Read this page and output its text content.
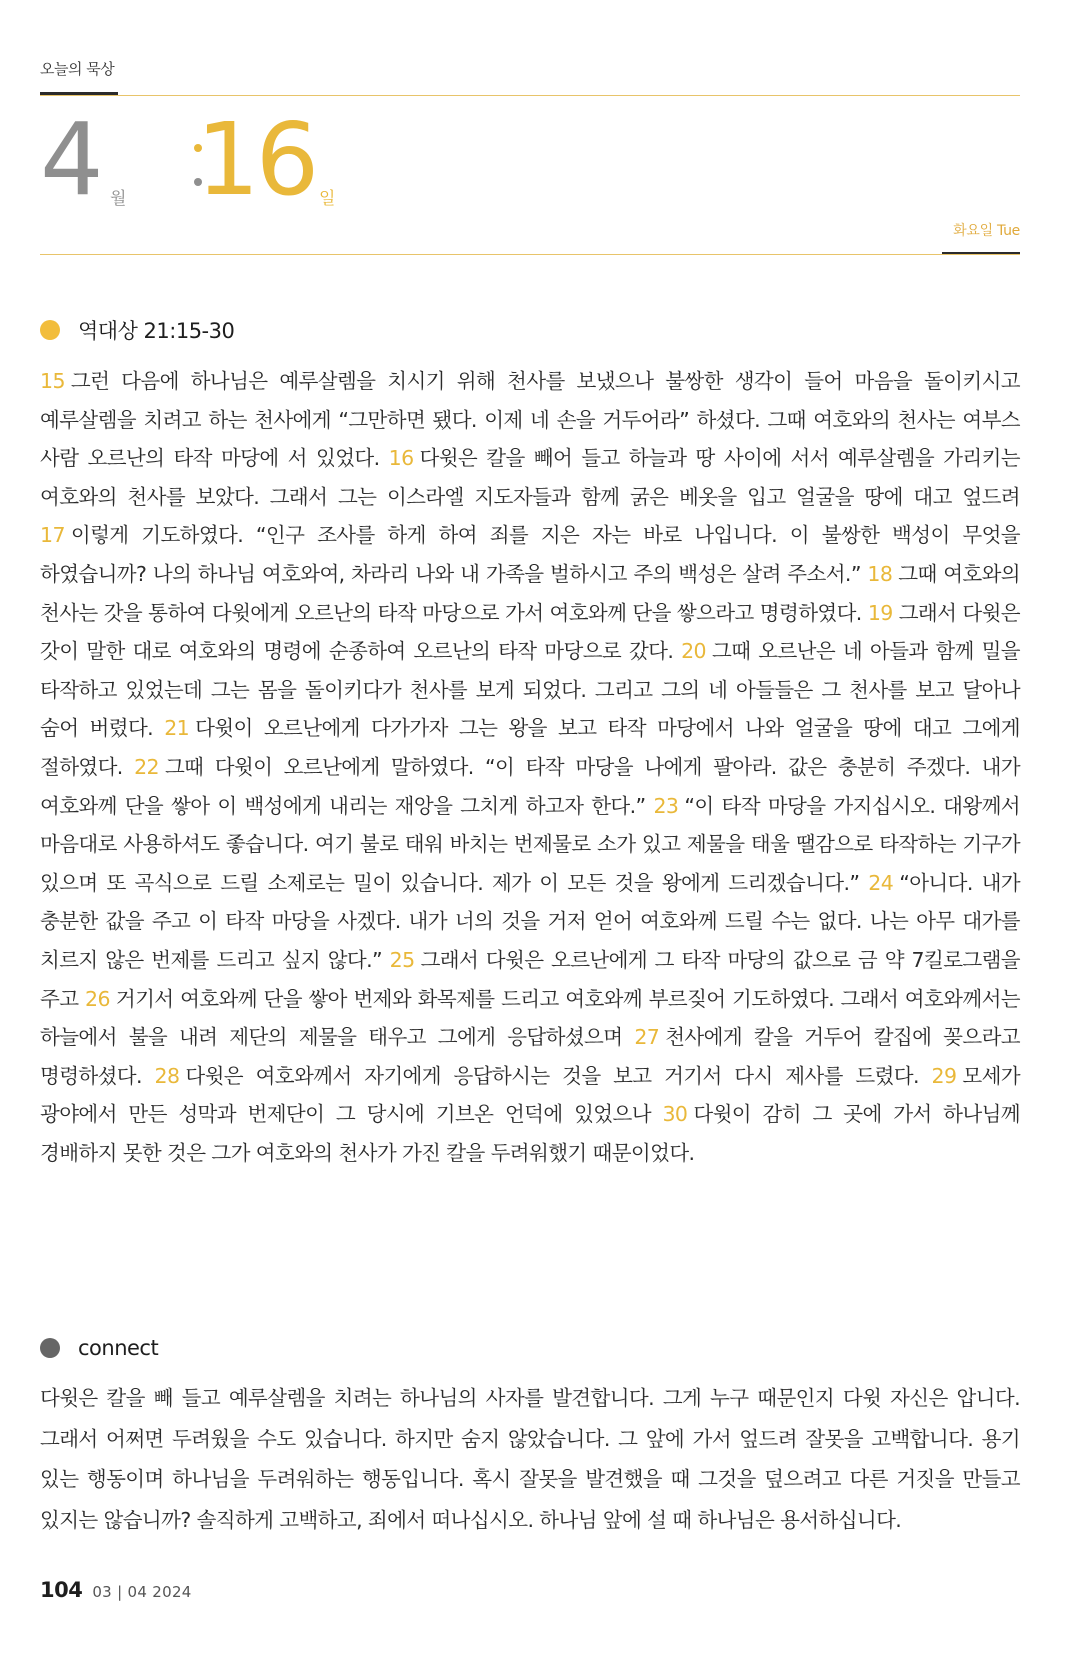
오늘의 묵상
4 월 16 일
화요일 Tue
역대상 21:15-30
15 그런 다음에 하나님은 예루살렘을 치시기 위해 천사를 보냈으나 불쌍한 생각이 들어 마음을 돌이키시고 예루살렘을 치려고 하는 천사에게 “그만하면 됐다. 이제 네 손을 거두어라” 하셨다. 그때 여호와의 천사는 여부스 사람 오르난의 타작 마당에 서 있었다. 16 다윗은 칼을 빼어 들고 하늘과 땅 사이에 서서 예루살렘을 가리키는 여호와의 천사를 보았다. 그래서 그는 이스라엘 지도자들과 함께 굵은 베옷을 입고 얼굴을 땅에 대고 엎드려 17 이렇게 기도하였다. “인구 조사를 하게 하여 죄를 지은 자는 바로 나입니다. 이 불쌍한 백성이 무엇을 하였습니까? 나의 하나님 여호와여, 차라리 나와 내 가족을 벌하시고 주의 백성은 살려 주소서.” 18 그때 여호와의 천사는 갓을 통하여 다윗에게 오르난의 타작 마당으로 가서 여호와께 단을 쌓으라고 명령하였다. 19 그래서 다윗은 갓이 말한 대로 여호와의 명령에 순종하여 오르난의 타작 마당으로 갔다. 20 그때 오르난은 네 아들과 함께 밀을 타작하고 있었는데 그는 몸을 돌이키다가 천사를 보게 되었다. 그리고 그의 네 아들들은 그 천사를 보고 달아나 숨어 버렸다. 21 다윗이 오르난에게 다가가자 그는 왕을 보고 타작 마당에서 나와 얼굴을 땅에 대고 그에게 절하였다. 22 그때 다윗이 오르난에게 말하였다. “이 타작 마당을 나에게 팔아라. 값은 충분히 주겠다. 내가 여호와께 단을 쌓아 이 백성에게 내리는 재앙을 그치게 하고자 한다.” 23 “이 타작 마당을 가지십시오. 대왕께서 마음대로 사용하셔도 좋습니다. 여기 불로 태워 바치는 번제물로 소가 있고 제물을 태울 땔감으로 타작하는 기구가 있으며 또 곡식으로 드릴 소제로는 밀이 있습니다. 제가 이 모든 것을 왕에게 드리겠습니다.” 24 “아니다. 내가 충분한 값을 주고 이 타작 마당을 사겠다. 내가 너의 것을 거저 얻어 여호와께 드릴 수는 없다. 나는 아무 대가를 치르지 않은 번제를 드리고 싶지 않다.” 25 그래서 다윗은 오르난에게 그 타작 마당의 값으로 금 약 7킬로그램을 주고 26 거기서 여호와께 단을 쌓아 번제와 화목제를 드리고 여호와께 부르짖어 기도하였다. 그래서 여호와께서는 하늘에서 불을 내려 제단의 제물을 태우고 그에게 응답하셨으며 27 천사에게 칼을 거두어 칼집에 꽂으라고 명령하셨다. 28 다윗은 여호와께서 자기에게 응답하시는 것을 보고 거기서 다시 제사를 드렸다. 29 모세가 광야에서 만든 성막과 번제단이 그 당시에 기브온 언덕에 있었으나 30 다윗이 감히 그 곳에 가서 하나님께 경배하지 못한 것은 그가 여호와의 천사가 가진 칼을 두려워했기 때문이었다.
connect
다윗은 칼을 빼 들고 예루살렘을 치려는 하나님의 사자를 발견합니다. 그게 누구 때문인지 다윗 자신은 압니다. 그래서 어쩌면 두려웠을 수도 있습니다. 하지만 숨지 않았습니다. 그 앞에 가서 엎드려 잘못을 고백합니다. 용기 있는 행동이며 하나님을 두려워하는 행동입니다. 혹시 잘못을 발견했을 때 그것을 덮으려고 다른 거짓을 만들고 있지는 않습니까? 솔직하게 고백하고, 죄에서 떠나십시오. 하나님 앞에 설 때 하나님은 용서하십니다.
104 03 | 04 2024
